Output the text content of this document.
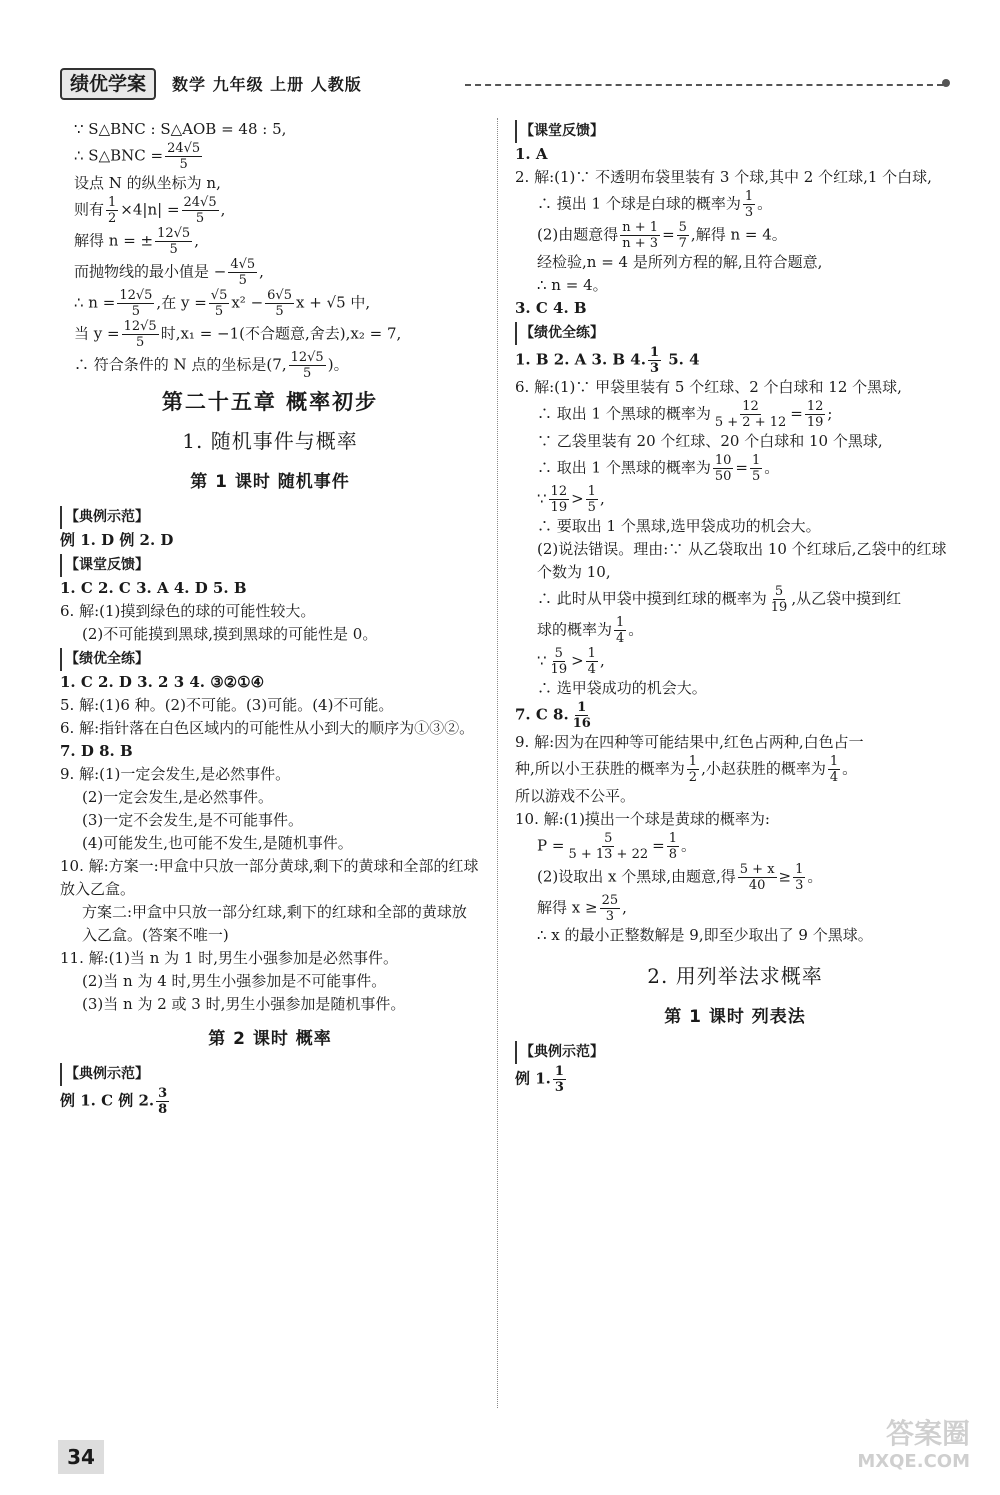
绩优学案	数学 九年级 上册 人教版

∵ S△BNC : S△AOB = 48 : 5,

∴ S△BNC = $\frac{24√5}{5}$

设点 N 的纵坐标为 n,

则有 $\frac{1}{2} \times 4|n| = \frac{24√5}{5}$ ,

解得 n = ± $\frac{12√5}{5}$ ,

而抛物线的最小值是 − $\frac{4√5}{5}$ ,

∴ $n = \frac{12√5}{5}$ ,在 $y = \frac{√5}{5} x^2 - \frac{6√5}{5}$ x + √5 中,

当 $y = \frac{12√5}{5}$ 时,x₁ = −1(不合题意,舍去),x₂ = 7,

∴ 符合条件的 N 点的坐标是(7, $\frac{12√5}{5}$ )。

第二十五章 概率初步
1. 随机事件与概率
第 1 课时 随机事件
【 典例示范 】

例 1. D 例 2. D

【 课堂反馈 】

1. C 2. C 3. A 4. D 5. B

6. 解:(1)摸到绿色的球的可能性较大。

(2)不可能摸到黑球,摸到黑球的可能性是 0。

【 绩优全练 】

1. C 2. D 3. 2 3 4. ③②①④

5. 解:(1)6 种。(2)不可能。(3)可能。(4)不可能。

6. 解:指针落在白色区域内的可能性从小到大的顺序为①③②。

7. D 8. B

9. 解:(1)一定会发生,是必然事件。

(2)一定会发生,是必然事件。

(3)一定不会发生,是不可能事件。

(4)可能发生,也可能不发生,是随机事件。

10. 解:方案一:甲盒中只放一部分黄球,剩下的黄球和全部的红球放入乙盒。

方案二:甲盒中只放一部分红球,剩下的红球和全部的黄球放入乙盒。(答案不唯一)

11. 解:(1)当 n 为 1 时,男生小强参加是必然事件。

(2)当 n 为 4 时,男生小强参加是不可能事件。

(3)当 n 为 2 或 3 时,男生小强参加是随机事件。

第 2 课时 概率
【 典例示范 】

例 1. C 例 2. $\frac{3}{8}$

【 课堂反馈 】

1. A

2. 解:(1)∵ 不透明布袋里装有 3 个球,其中 2 个红球,1 个白球,

∴ 摸出 1 个球是白球的概率为 $\frac{1}{3}$ 。

(2)由题意得 $\frac{n + 1}{n + 3} = \frac{5}{7}$ ,解得 n = 4。

经检验,n = 4 是所列方程的解,且符合题意,

∴ n = 4。

3. C 4. B

【 绩优全练 】

1. B 2. A 3. B 4. $\frac{1}{3} 5$. 4

6. 解:(1)∵ 甲袋里装有 5 个红球、2 个白球和 12 个黑球,

∴ 取出 1 个黑球的概率为 $\frac{12}{5 + 2 + 12} = \frac{12}{19}$ ;

∵ 乙袋里装有 20 个红球、20 个白球和 10 个黑球,

∴ 取出 1 个黑球的概率为 $\frac{10}{50} = \frac{1}{5}$ 。

∵ $\frac{12}{19} > \frac{1}{5}$ ,

∴ 要取出 1 个黑球,选甲袋成功的机会大。

(2)说法错误。理由:∵ 从乙袋取出 10 个红球后,乙袋中的红球个数为 10,

∴ 此时从甲袋中摸到红球的概率为 $\frac{5}{19}$ ,从乙袋中摸到红

球的概率为 $\frac{1}{4}$ 。

∵ $\frac{5}{19} > \frac{1}{4}$ ,

∴ 选甲袋成功的机会大。

7. C 8. $\frac{1}{16}$

9. 解:因为在四种等可能结果中,红色占两种,白色占一

种,所以小王获胜的概率为 $\frac{1}{2}$ ,小赵获胜的概率为 $\frac{1}{4}$ 。

所以游戏不公平。

10. 解:(1)摸出一个球是黄球的概率为:

$P = \frac{5}{5 + 13 + 22} = \frac{1}{8}$ 。

(2)设取出 x 个黑球,由题意,得 $\frac{5 + x}{40} \ge \frac{1}{3}$ 。

解得 $x \ge \frac{25}{3}$ ,

∴ x 的最小正整数解是 9,即至少取出了 9 个黑球。

2. 用列举法求概率
第 1 课时 列表法
【 典例示范 】

例 1. $\frac{1}{3}$

34
答案圈
MXQE.COM
